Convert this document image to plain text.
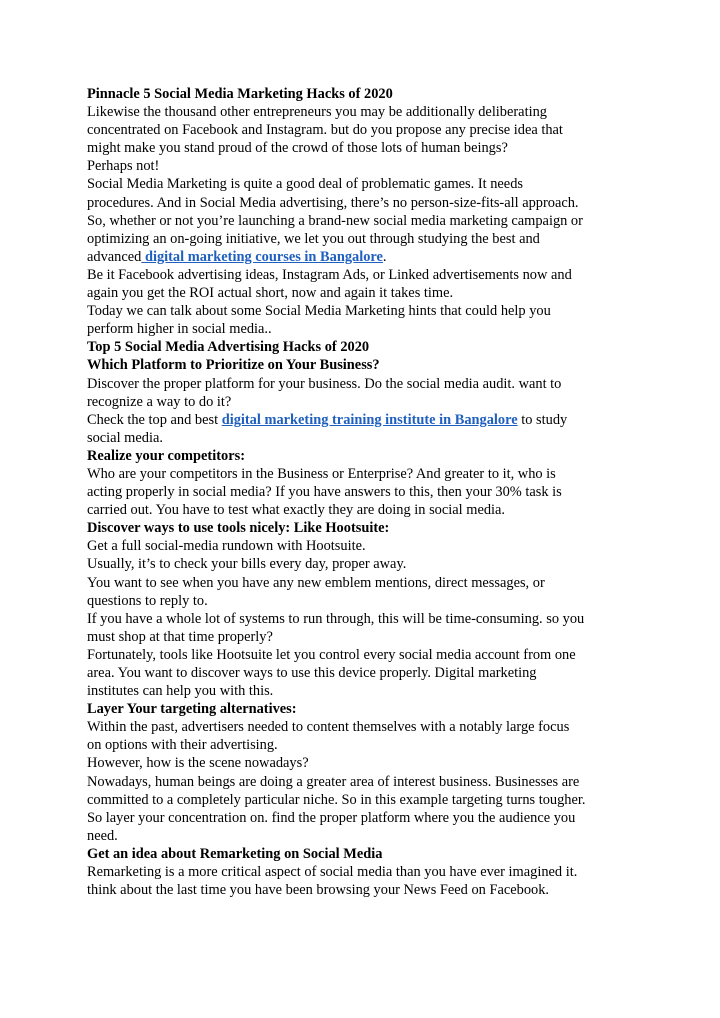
Pinnacle 5 Social Media Marketing Hacks of 2020
Likewise the thousand other entrepreneurs you may be additionally deliberating
concentrated on Facebook and Instagram. but do you propose any precise idea that
might make you stand proud of the crowd of those lots of human beings?
Perhaps not!
Social Media Marketing is quite a good deal of problematic games. It needs
procedures. And in Social Media advertising, there’s no person-size-fits-all approach.
So, whether or not you’re launching a brand-new social media marketing campaign or
optimizing an on-going initiative, we let you out through studying the best and
advanced digital marketing courses in Bangalore.
Be it Facebook advertising ideas, Instagram Ads, or Linked advertisements now and
again you get the ROI actual short, now and again it takes time.
Today we can talk about some Social Media Marketing hints that could help you
perform higher in social media..
Top 5 Social Media Advertising Hacks of 2020
Which Platform to Prioritize on Your Business?
Discover the proper platform for your business. Do the social media audit. want to
recognize a way to do it?
Check the top and best digital marketing training institute in Bangalore to study
social media.
Realize your competitors:
Who are your competitors in the Business or Enterprise? And greater to it, who is
acting properly in social media? If you have answers to this, then your 30% task is
carried out. You have to test what exactly they are doing in social media.
Discover ways to use tools nicely: Like Hootsuite:
Get a full social-media rundown with Hootsuite.
Usually, it’s to check your bills every day, proper away.
You want to see when you have any new emblem mentions, direct messages, or
questions to reply to.
If you have a whole lot of systems to run through, this will be time-consuming. so you
must shop at that time properly?
Fortunately, tools like Hootsuite let you control every social media account from one
area. You want to discover ways to use this device properly. Digital marketing
institutes can help you with this.
Layer Your targeting alternatives:
Within the past, advertisers needed to content themselves with a notably large focus
on options with their advertising.
However, how is the scene nowadays?
Nowadays, human beings are doing a greater area of interest business. Businesses are
committed to a completely particular niche. So in this example targeting turns tougher.
So layer your concentration on. find the proper platform where you the audience you
need.
Get an idea about Remarketing on Social Media
Remarketing is a more critical aspect of social media than you have ever imagined it.
think about the last time you have been browsing your News Feed on Facebook.
